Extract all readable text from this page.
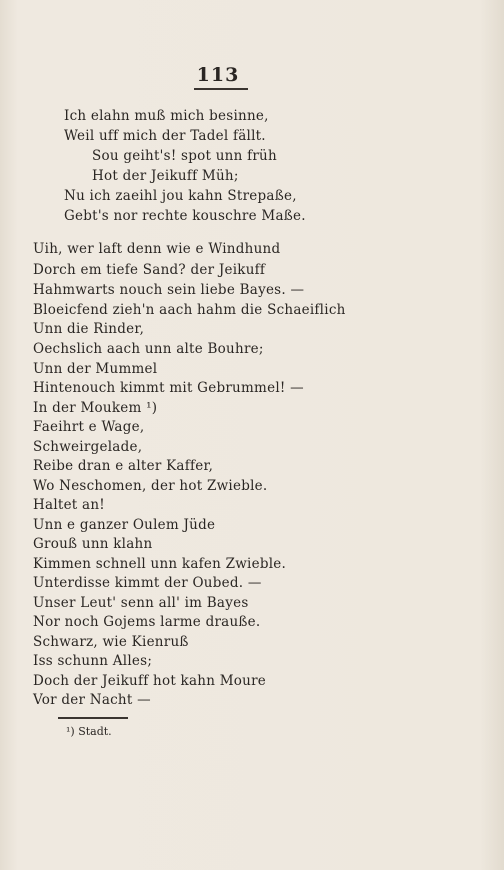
113
Ich elahn muß mich besinne,
Weil uff mich der Tadel fällt.
Sou geiht's! spot unn früh
Hot der Jeikuff Müh;
Nu ich zaeihl jou kahn Strepaße,
Gebt's nor rechte kouschre Maße.
Uih, wer laft denn wie e Windhund
Dorch em tiefe Sand? der Jeikuff
Hahmwarts nouch sein liebe Bayes. —
Bloeicfend zieh'n aach hahm die Schaeiflich
Unn die Rinder,
Oechslich aach unn alte Bouhre;
Unn der Mummel
Hintenouch kimmt mit Gebrummel! —
In der Moukem ¹)
Faeihrt e Wage,
Schweirgelade,
Reibe dran e alter Kaffer,
Wo Neschomen, der hot Zwieble.
Haltet an!
Unn e ganzer Oulem Jüde
Grouß unn klahn
Kimmen schnell unn kafen Zwieble.
Unterdisse kimmt der Oubed. —
Unser Leut' senn all' im Bayes
Nor noch Gojems larme drauße.
Schwarz, wie Kienruß
Iss schunn Alles;
Doch der Jeikuff hot kahn Moure
Vor der Nacht —
¹) Stadt.
